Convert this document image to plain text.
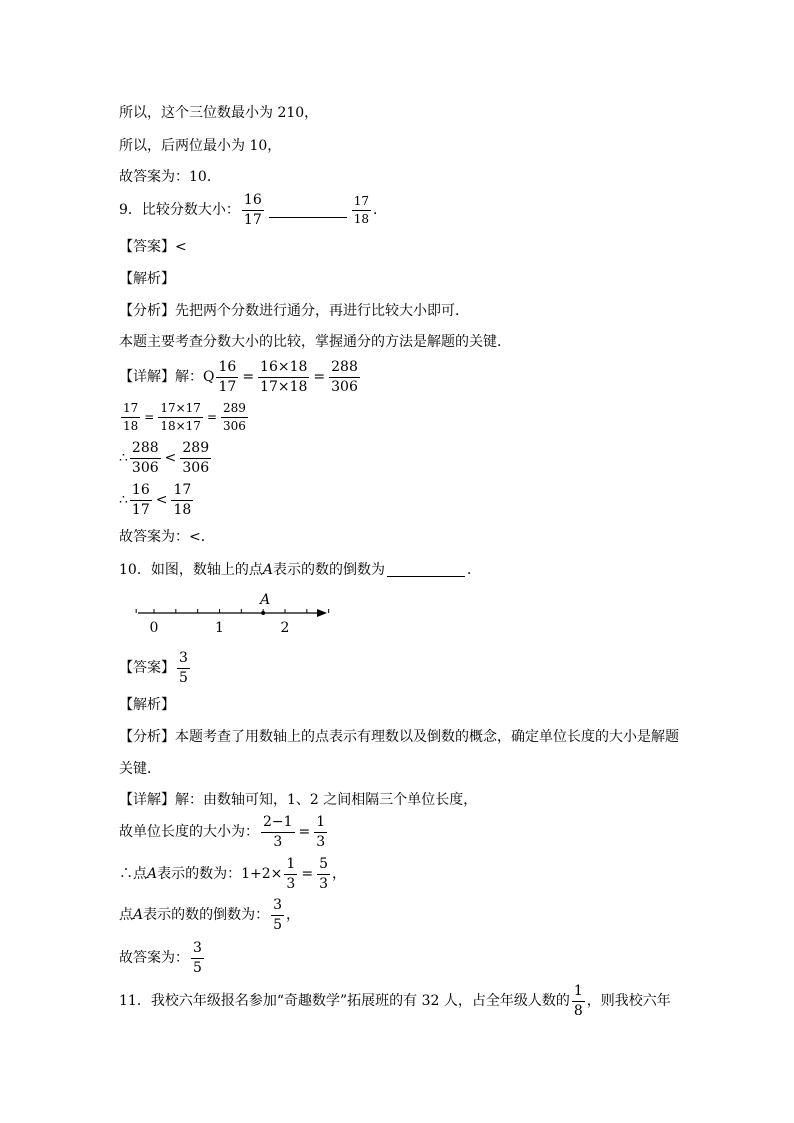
所以，这个三位数最小为 210，
所以，后两位最小为 10，
故答案为：10．
9．比较分数大小： $\frac{16}{17}$	$\frac{17}{18}$ ．
【答案】<
【解析】
【分析】先把两个分数进行通分，再进行比较大小即可．
本题主要考查分数大小的比较，掌握通分的方法是解题的关键．
【详解】解：Q $\frac{16}{17} = \frac{16\times 18}{17\times 18} = \frac{288}{306}$
$\frac{17}{18} = \frac{17\times 17}{18\times 17} = \frac{289}{306}$
∴ $\frac{288}{306} < \frac{289}{306}$
∴ $\frac{16}{17} < \frac{17}{18}$
故答案为：<．
10．如图，数轴上的点 A 表示的数的倒数为	．
A
0	1	2
【答案】 $\frac{3}{5}$
【解析】
【分析】本题考查了用数轴上的点表示有理数以及倒数的概念，确定单位长度的大小是解题
关键．
【详解】解：由数轴可知，1、2 之间相隔三个单位长度，
故单位长度的大小为： $\frac{2-1}{3} = \frac{1}{3}$
∴点 A 表示的数为： $1+2\times \frac{1}{3} = \frac{5}{3}$ ，
点 A 表示的数的倒数为： $\frac{3}{5}$ ，
故答案为： $\frac{3}{5}$
11．我校六年级报名参加“奇趣数学”拓展班的有 32 人，占全年级人数的 $\frac{1}{8}$ ，则我校六年
